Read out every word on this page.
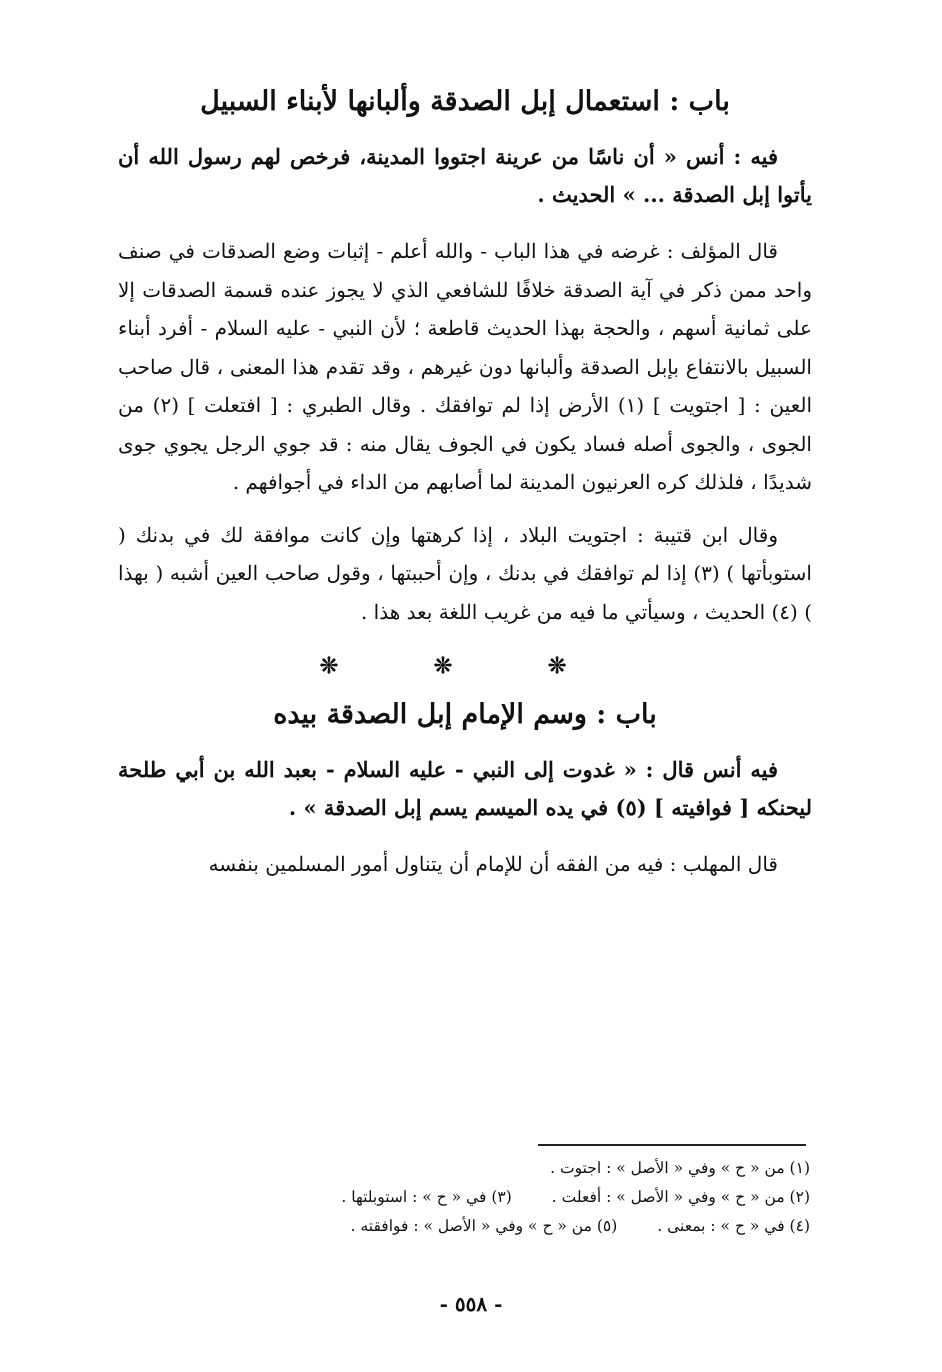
باب : استعمال إبل الصدقة وألبانها لأبناء السبيل

فيه : أنس « أن ناسًا من عرينة اجتووا المدينة، فرخص لهم رسول الله أن يأتوا إبل الصدقة ... » الحديث .

قال المؤلف : غرضه في هذا الباب - والله أعلم - إثبات وضع الصدقات في صنف واحد ممن ذكر في آية الصدقة خلافًا للشافعي الذي لا يجوز عنده قسمة الصدقات إلا على ثمانية أسهم ، والحجة بهذا الحديث قاطعة ؛ لأن النبي - عليه السلام - أفرد أبناء السبيل بالانتفاع بإبل الصدقة وألبانها دون غيرهم ، وقد تقدم هذا المعنى ، قال صاحب العين : [ اجتويت ] (١) الأرض إذا لم توافقك . وقال الطبري : [ افتعلت ] (٢) من الجوى ، والجوى أصله فساد يكون في الجوف يقال منه : قد جوي الرجل يجوي جوى شديدًا ، فلذلك كره العرنيون المدينة لما أصابهم من الداء في أجوافهم .

وقال ابن قتيبة : اجتويت البلاد ، إذا كرهتها وإن كانت موافقة لك في بدنك ( استوبأتها ) (٣) إذا لم توافقك في بدنك ، وإن أحببتها ، وقول صاحب العين أشبه ( بهذا ) (٤) الحديث ، وسيأتي ما فيه من غريب اللغة بعد هذا .

❊ ❊ ❊
باب : وسم الإمام إبل الصدقة بيده

فيه أنس قال : « غدوت إلى النبي - عليه السلام - بعبد الله بن أبي طلحة ليحنكه [ فوافيته ] (٥) في يده الميسم يسم إبل الصدقة » .

قال المهلب : فيه من الفقه أن للإمام أن يتناول أمور المسلمين بنفسه

(١) من « ح » وفي « الأصل » : اجتوت .
(٢) من « ح » وفي « الأصل » : أفعلت .
(٣) في « ح » : استوبلتها .
(٤) في « ح » : بمعنى .
(٥) من « ح » وفي « الأصل » : فوافقته .
- ٥٥٨ -
